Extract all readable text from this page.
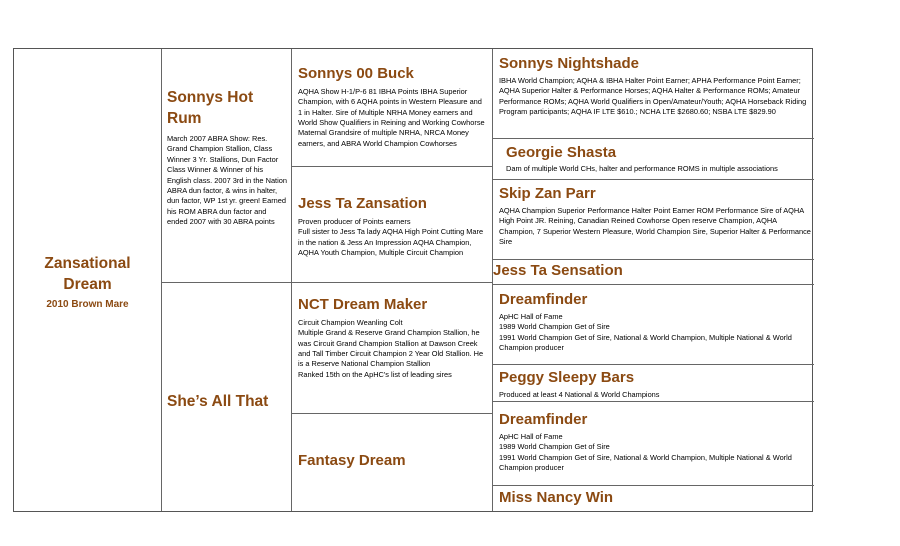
Zansational Dream
2010 Brown Mare
Sonnys Hot Rum
March 2007 ABRA Show: Res. Grand Champion Stallion, Class Winner 3 Yr. Stallions, Dun Factor Class Winner & Winner of his English class. 2007 3rd in the Nation ABRA dun factor, & wins in halter, dun factor, WP 1st yr. green! Earned his ROM ABRA dun factor and ended 2007 with 30 ABRA points
She’s All That
Sonnys 00 Buck
AQHA Show H-1/P-6 81 IBHA Points IBHA Superior Champion, with 6 AQHA points in Western Pleasure and 1 in Halter. Sire of Multiple NRHA Money earners and World Show Qualifiers in Reining and Working Cowhorse Maternal Grandsire of multiple NRHA, NRCA Money earners, and ABRA World Champion Cowhorses
Jess Ta Zansation
Proven producer of Points earners
Full sister to Jess Ta lady AQHA High Point Cutting Mare in the nation & Jess An Impression AQHA Champion, AQHA Youth Champion, Multiple Circuit Champion
NCT Dream Maker
Circuit Champion Weanling Colt
Multiple Grand & Reserve Grand Champion Stallion, he was Circuit Grand Champion Stallion at Dawson Creek and Tall Timber Circuit Champion 2 Year Old Stallion. He is a Reserve National Champion Stallion
Ranked 15th on the ApHC's list of leading sires
Fantasy Dream
Sonnys Nightshade
IBHA World Champion; AQHA & IBHA Halter Point Earner; APHA Performance Point Earner; AQHA Superior Halter & Performance Horses; AQHA Halter & Performance ROMs; Amateur Performance ROMs; AQHA World Qualifiers in Open/Amateur/Youth; AQHA Horseback Riding Program participants; AQHA IF LTE $610.; NCHA LTE $2680.60; NSBA LTE $829.90
Georgie Shasta
Dam of multiple World CHs, halter and performance ROMS in multiple associations
Skip Zan Parr
AQHA Champion Superior Performance Halter Point Earner ROM Performance Sire of AQHA High Point JR. Reining, Canadian Reined Cowhorse Open reserve Champion, AQHA Champion, 7 Superior Western Pleasure, World Champion Sire, Superior Halter & Performance Sire
Jess Ta Sensation
Dreamfinder
ApHC Hall of Fame
1989 World Champion Get of Sire
1991 World Champion Get of Sire, National & World Champion, Multiple National & World Champion producer
Peggy Sleepy Bars
Produced at least 4 National & World Champions
Dreamfinder
ApHC Hall of Fame
1989 World Champion Get of Sire
1991 World Champion Get of Sire, National & World Champion, Multiple National & World Champion producer
Miss Nancy Win
